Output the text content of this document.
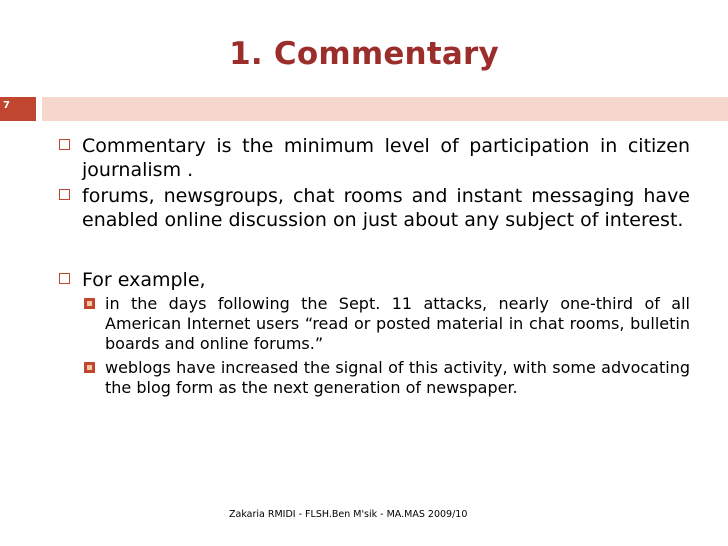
1. Commentary
7
Commentary is the minimum level of participation in citizen journalism .
forums, newsgroups, chat rooms and instant messaging have enabled online discussion on just about any subject of interest.
For example,
in the days following the Sept. 11 attacks, nearly one-third of all American Internet users “read or posted material in chat rooms, bulletin boards and online forums.”
weblogs have increased the signal of this activity, with some advocating the blog form as the next generation of newspaper.
Zakaria RMIDI - FLSH.Ben M'sik - MA.MAS 2009/10
